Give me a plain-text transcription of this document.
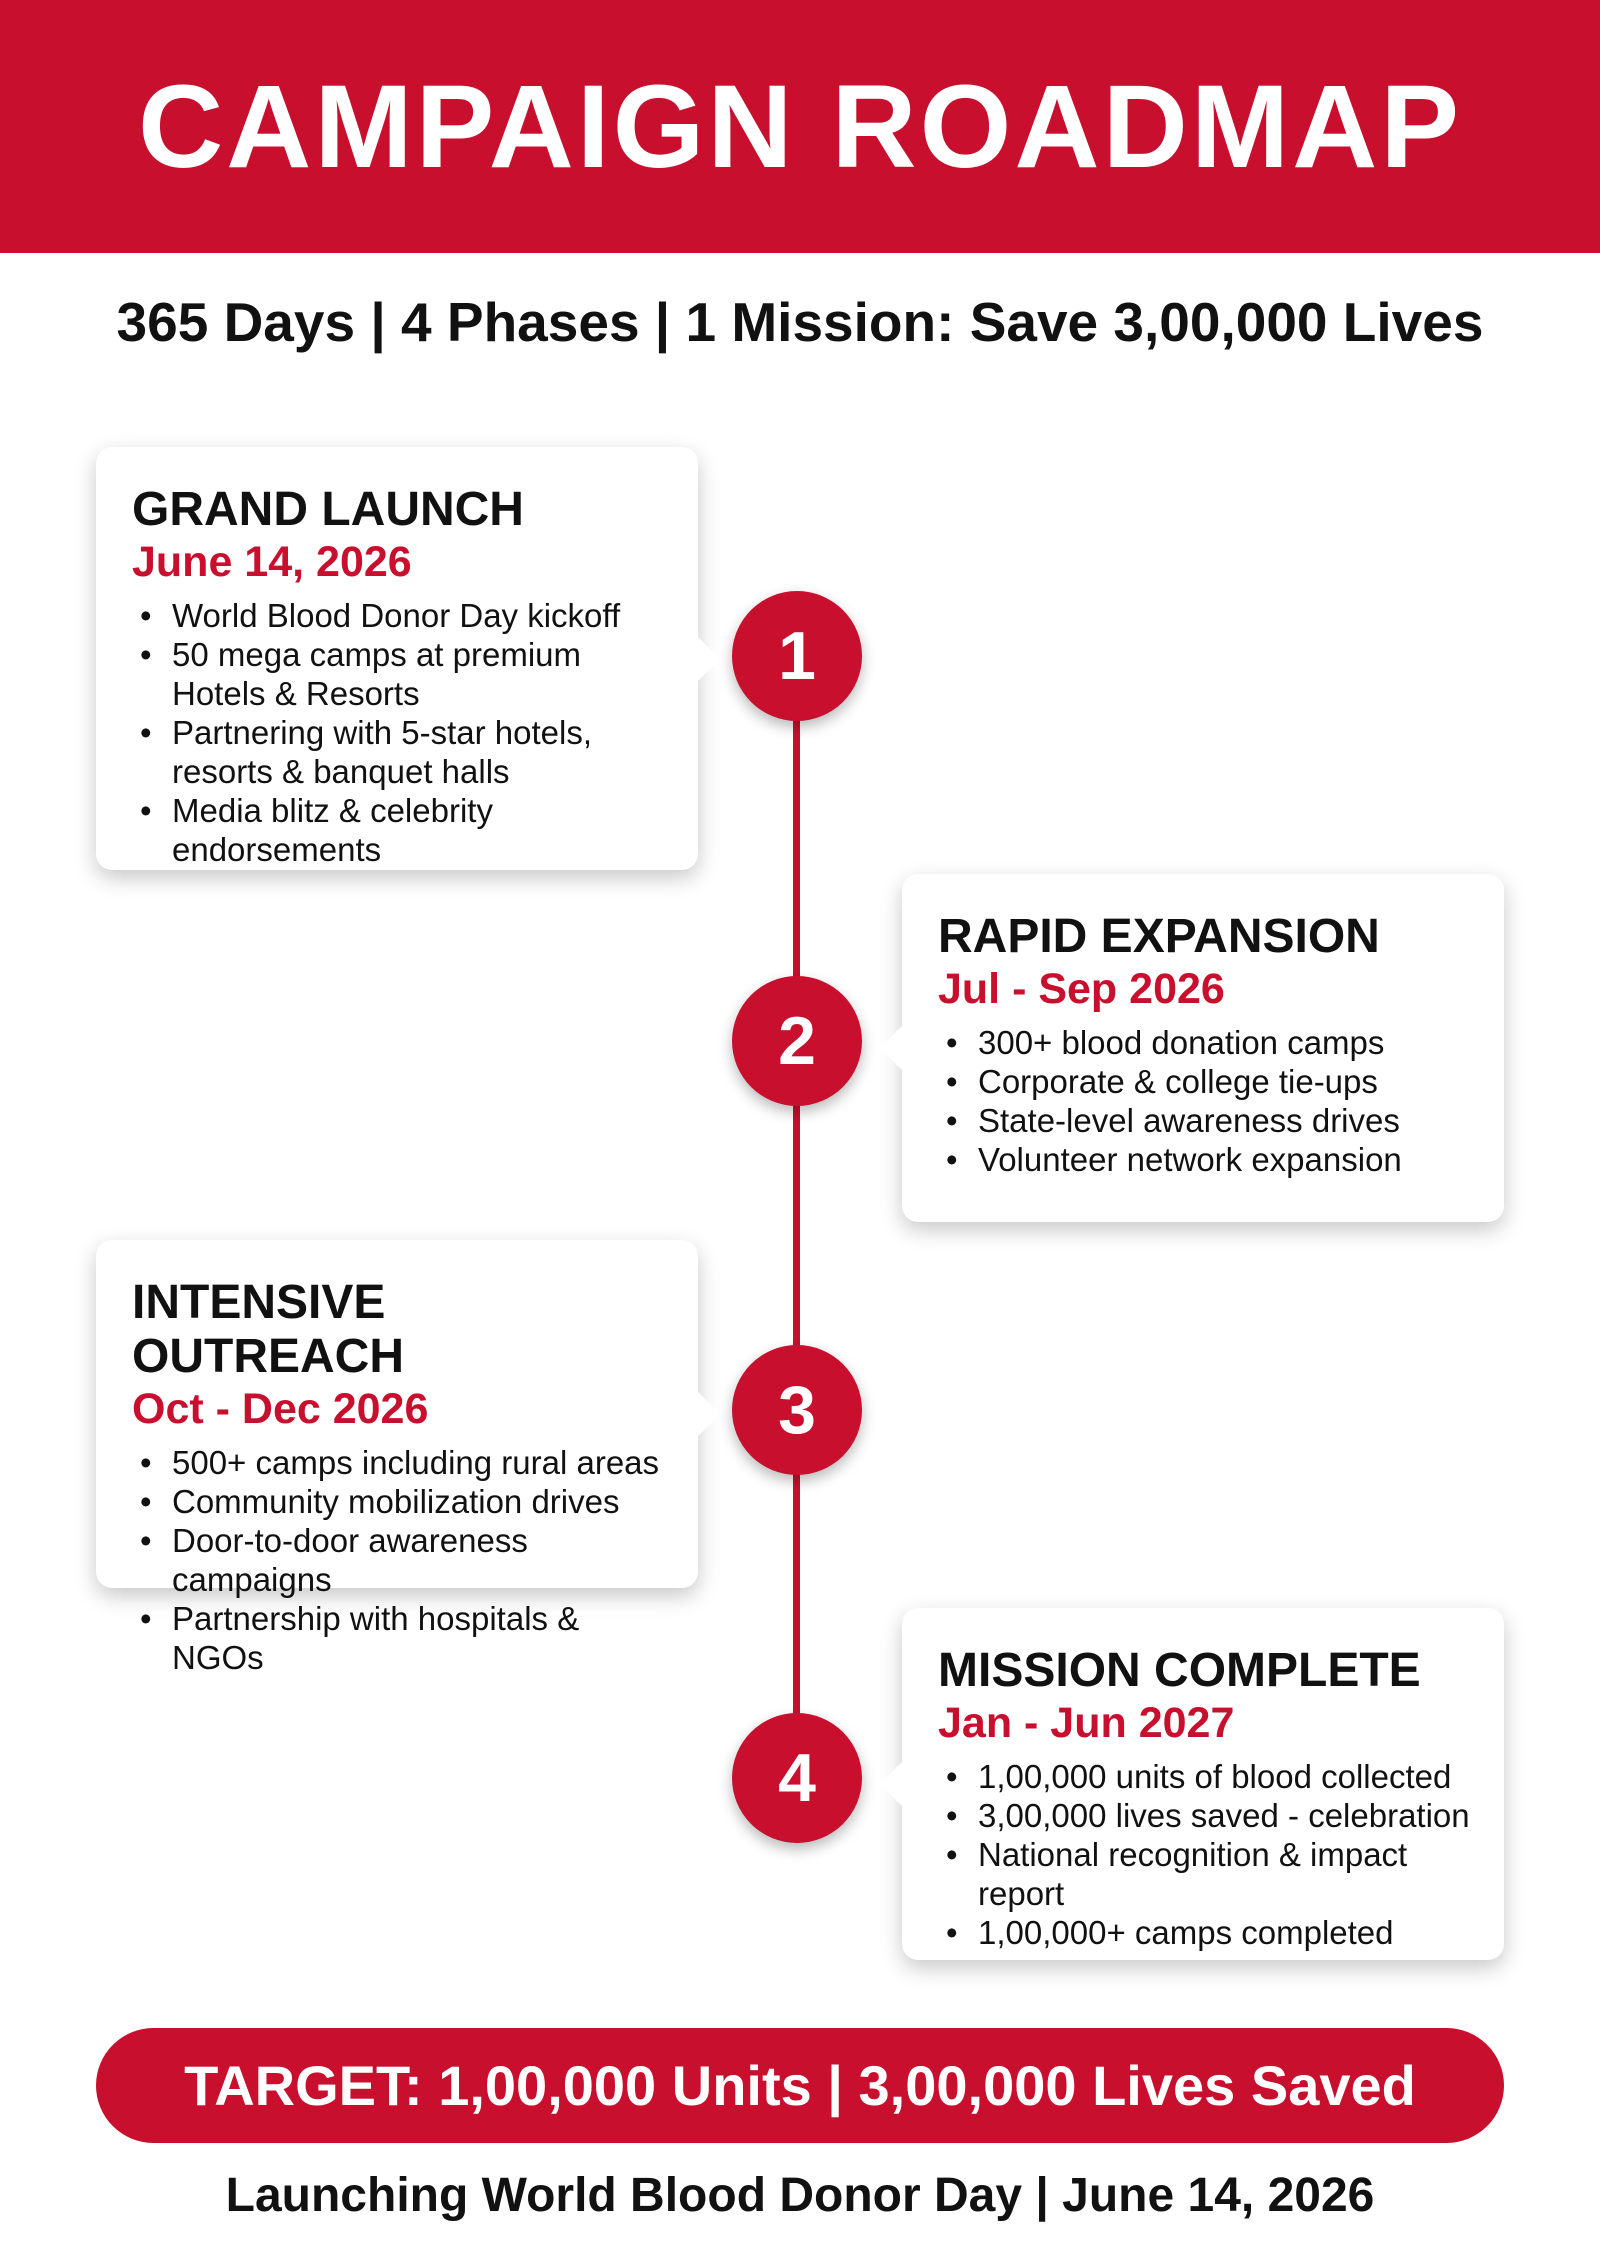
CAMPAIGN ROADMAP
365 Days | 4 Phases | 1 Mission: Save 3,00,000 Lives
GRAND LAUNCH
June 14, 2026
• World Blood Donor Day kickoff
• 50 mega camps at premium Hotels & Resorts
• Partnering with 5-star hotels, resorts & banquet halls
• Media blitz & celebrity endorsements
1
RAPID EXPANSION
Jul - Sep 2026
• 300+ blood donation camps
• Corporate & college tie-ups
• State-level awareness drives
• Volunteer network expansion
2
INTENSIVE OUTREACH
Oct - Dec 2026
• 500+ camps including rural areas
• Community mobilization drives
• Door-to-door awareness campaigns
• Partnership with hospitals & NGOs
3
MISSION COMPLETE
Jan - Jun 2027
• 1,00,000 units of blood collected
• 3,00,000 lives saved - celebration
• National recognition & impact report
• 1,00,000+ camps completed
4
TARGET: 1,00,000 Units | 3,00,000 Lives Saved
Launching World Blood Donor Day | June 14, 2026
